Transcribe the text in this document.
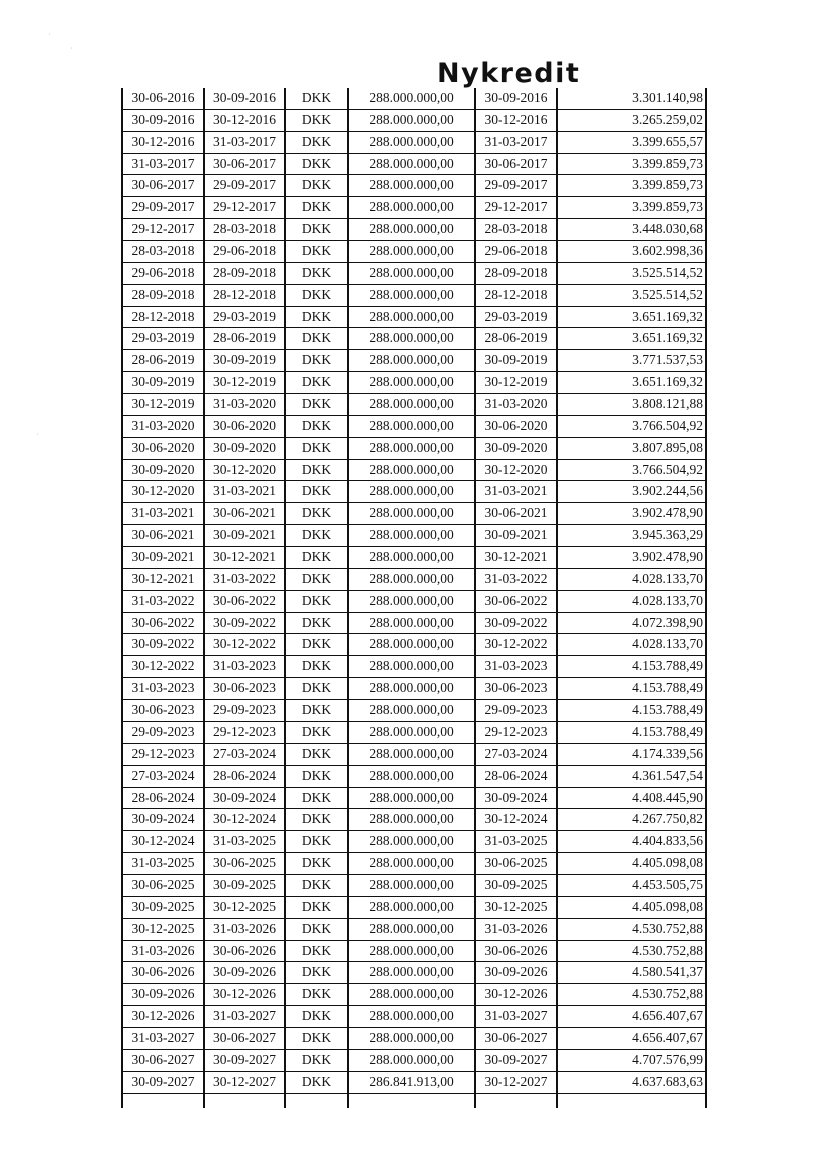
Nykredit
·
·
·
30-06-2016	30-09-2016	DKK	288.000.000,00	30-09-2016	3.301.140,98
30-09-2016	30-12-2016	DKK	288.000.000,00	30-12-2016	3.265.259,02
30-12-2016	31-03-2017	DKK	288.000.000,00	31-03-2017	3.399.655,57
31-03-2017	30-06-2017	DKK	288.000.000,00	30-06-2017	3.399.859,73
30-06-2017	29-09-2017	DKK	288.000.000,00	29-09-2017	3.399.859,73
29-09-2017	29-12-2017	DKK	288.000.000,00	29-12-2017	3.399.859,73
29-12-2017	28-03-2018	DKK	288.000.000,00	28-03-2018	3.448.030,68
28-03-2018	29-06-2018	DKK	288.000.000,00	29-06-2018	3.602.998,36
29-06-2018	28-09-2018	DKK	288.000.000,00	28-09-2018	3.525.514,52
28-09-2018	28-12-2018	DKK	288.000.000,00	28-12-2018	3.525.514,52
28-12-2018	29-03-2019	DKK	288.000.000,00	29-03-2019	3.651.169,32
29-03-2019	28-06-2019	DKK	288.000.000,00	28-06-2019	3.651.169,32
28-06-2019	30-09-2019	DKK	288.000.000,00	30-09-2019	3.771.537,53
30-09-2019	30-12-2019	DKK	288.000.000,00	30-12-2019	3.651.169,32
30-12-2019	31-03-2020	DKK	288.000.000,00	31-03-2020	3.808.121,88
31-03-2020	30-06-2020	DKK	288.000.000,00	30-06-2020	3.766.504,92
30-06-2020	30-09-2020	DKK	288.000.000,00	30-09-2020	3.807.895,08
30-09-2020	30-12-2020	DKK	288.000.000,00	30-12-2020	3.766.504,92
30-12-2020	31-03-2021	DKK	288.000.000,00	31-03-2021	3.902.244,56
31-03-2021	30-06-2021	DKK	288.000.000,00	30-06-2021	3.902.478,90
30-06-2021	30-09-2021	DKK	288.000.000,00	30-09-2021	3.945.363,29
30-09-2021	30-12-2021	DKK	288.000.000,00	30-12-2021	3.902.478,90
30-12-2021	31-03-2022	DKK	288.000.000,00	31-03-2022	4.028.133,70
31-03-2022	30-06-2022	DKK	288.000.000,00	30-06-2022	4.028.133,70
30-06-2022	30-09-2022	DKK	288.000.000,00	30-09-2022	4.072.398,90
30-09-2022	30-12-2022	DKK	288.000.000,00	30-12-2022	4.028.133,70
30-12-2022	31-03-2023	DKK	288.000.000,00	31-03-2023	4.153.788,49
31-03-2023	30-06-2023	DKK	288.000.000,00	30-06-2023	4.153.788,49
30-06-2023	29-09-2023	DKK	288.000.000,00	29-09-2023	4.153.788,49
29-09-2023	29-12-2023	DKK	288.000.000,00	29-12-2023	4.153.788,49
29-12-2023	27-03-2024	DKK	288.000.000,00	27-03-2024	4.174.339,56
27-03-2024	28-06-2024	DKK	288.000.000,00	28-06-2024	4.361.547,54
28-06-2024	30-09-2024	DKK	288.000.000,00	30-09-2024	4.408.445,90
30-09-2024	30-12-2024	DKK	288.000.000,00	30-12-2024	4.267.750,82
30-12-2024	31-03-2025	DKK	288.000.000,00	31-03-2025	4.404.833,56
31-03-2025	30-06-2025	DKK	288.000.000,00	30-06-2025	4.405.098,08
30-06-2025	30-09-2025	DKK	288.000.000,00	30-09-2025	4.453.505,75
30-09-2025	30-12-2025	DKK	288.000.000,00	30-12-2025	4.405.098,08
30-12-2025	31-03-2026	DKK	288.000.000,00	31-03-2026	4.530.752,88
31-03-2026	30-06-2026	DKK	288.000.000,00	30-06-2026	4.530.752,88
30-06-2026	30-09-2026	DKK	288.000.000,00	30-09-2026	4.580.541,37
30-09-2026	30-12-2026	DKK	288.000.000,00	30-12-2026	4.530.752,88
30-12-2026	31-03-2027	DKK	288.000.000,00	31-03-2027	4.656.407,67
31-03-2027	30-06-2027	DKK	288.000.000,00	30-06-2027	4.656.407,67
30-06-2027	30-09-2027	DKK	288.000.000,00	30-09-2027	4.707.576,99
30-09-2027	30-12-2027	DKK	286.841.913,00	30-12-2027	4.637.683,63
